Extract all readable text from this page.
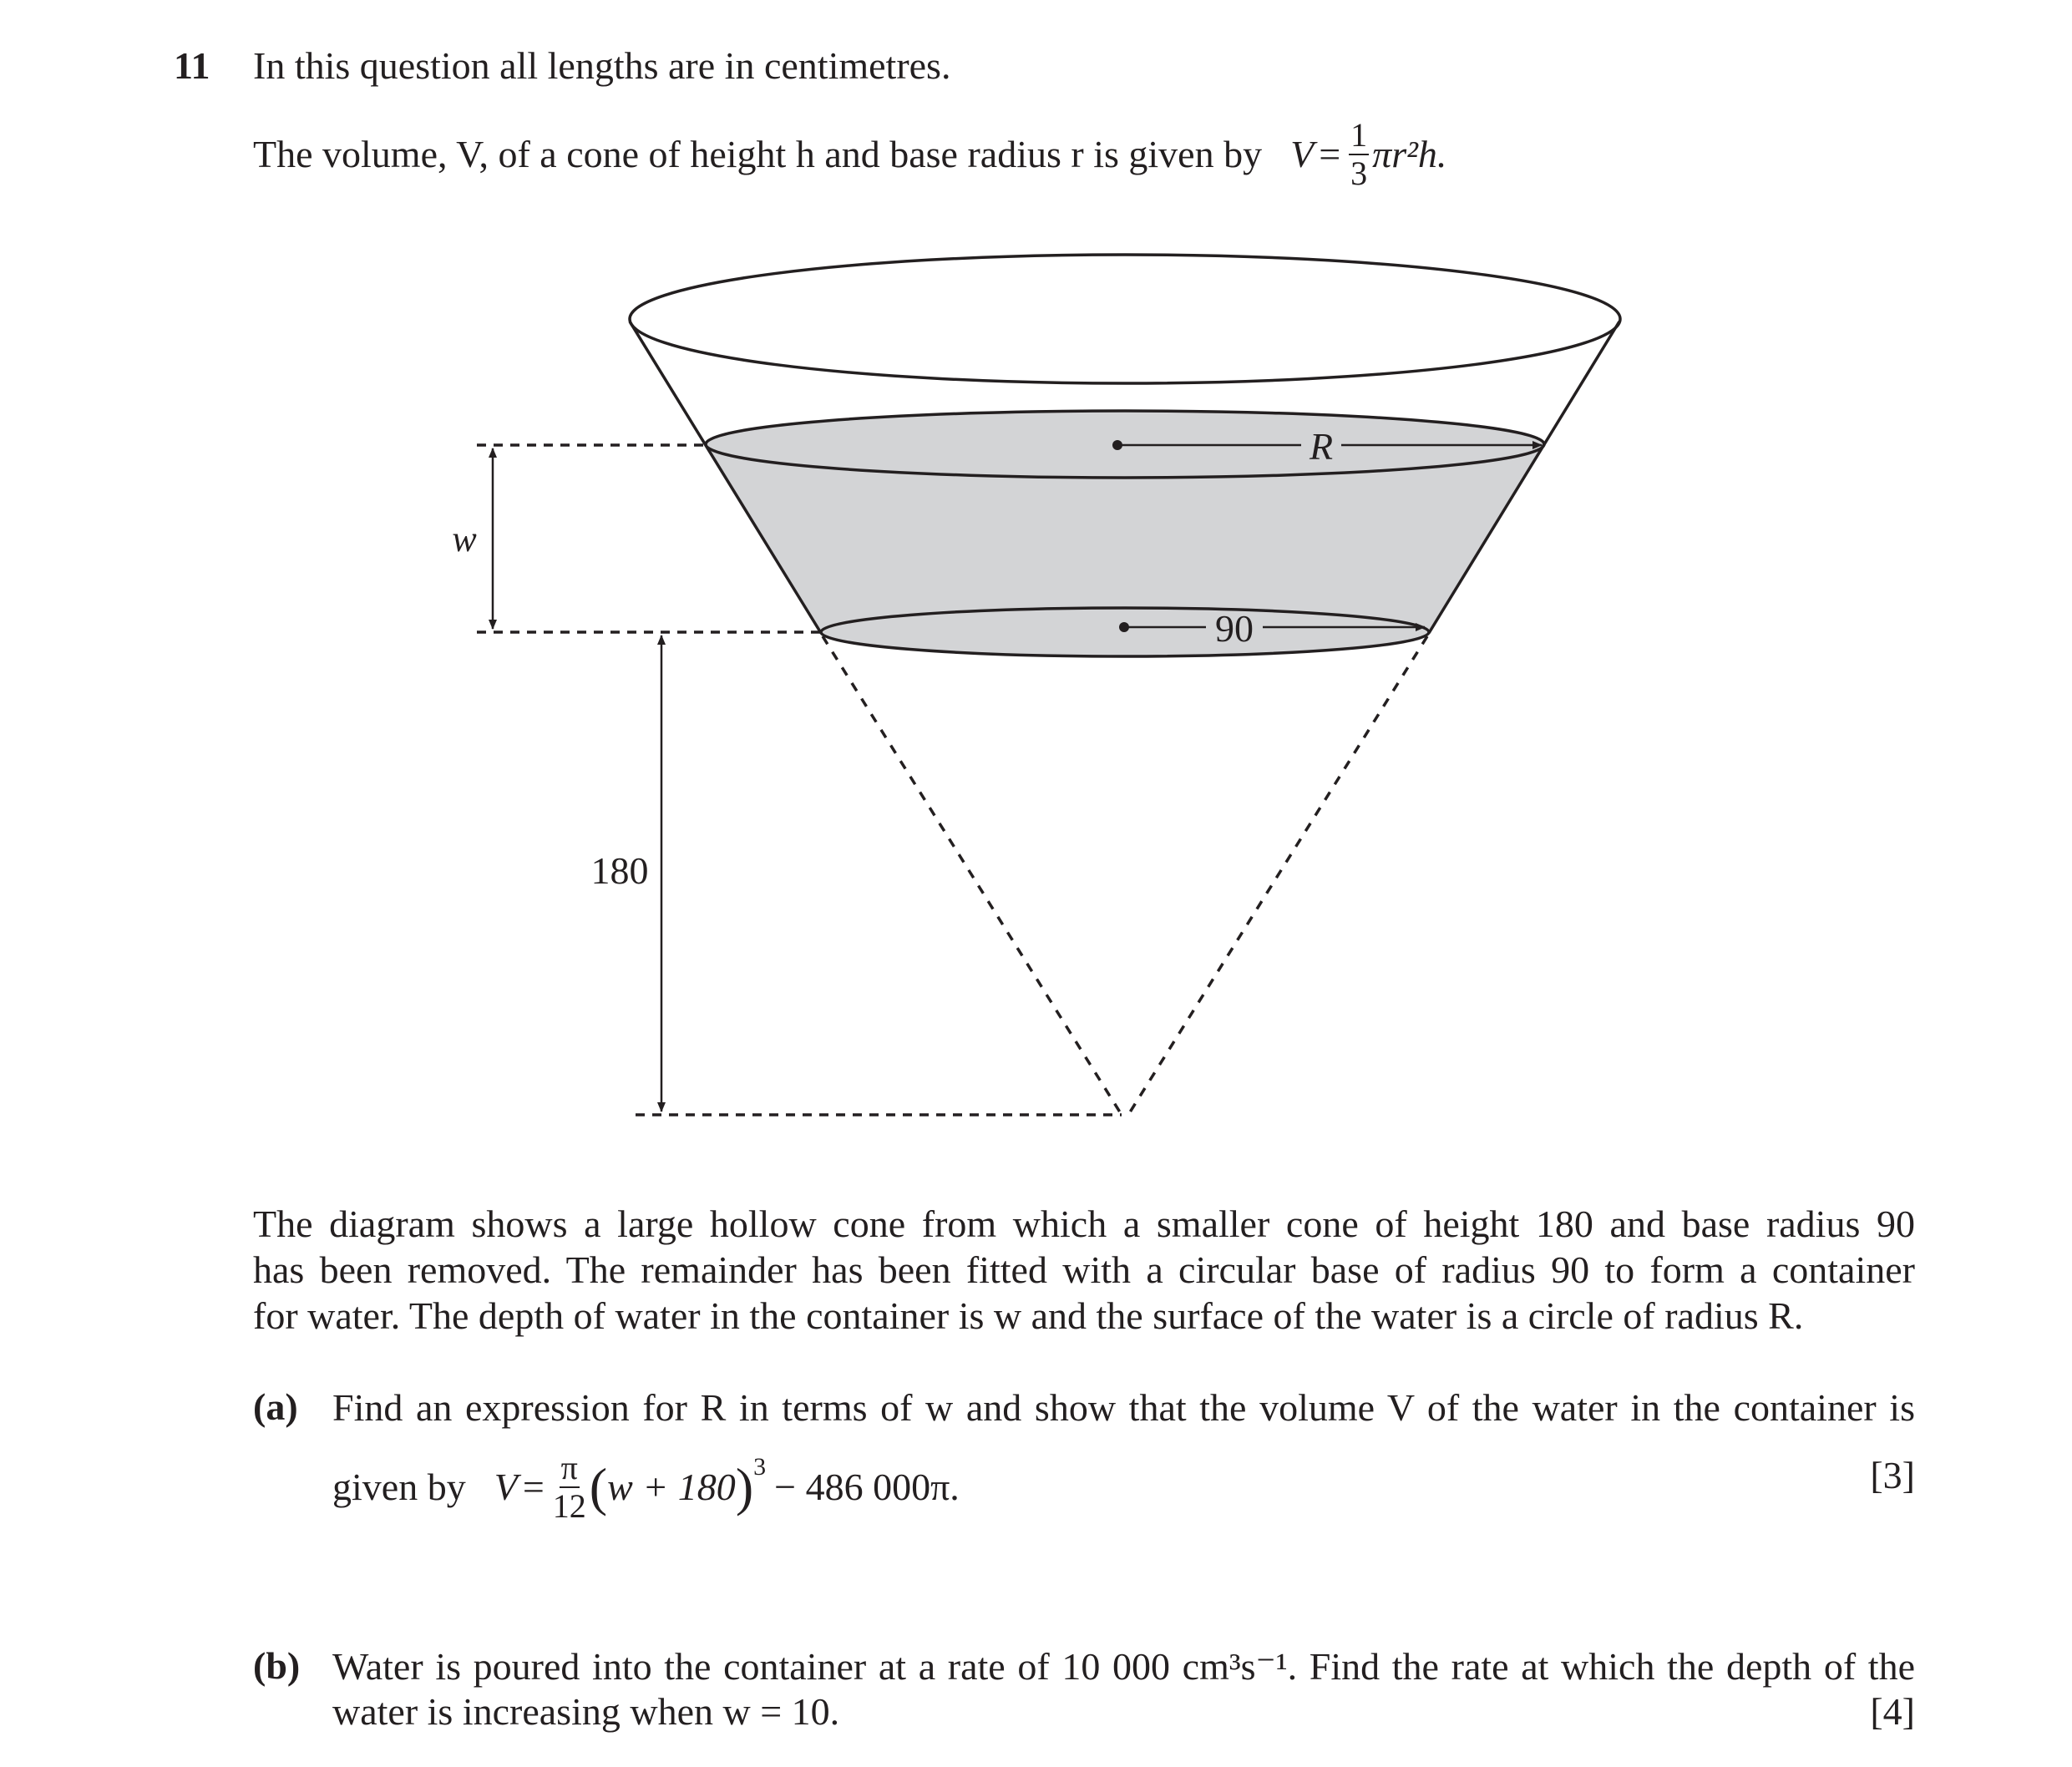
11 In this question all lengths are in centimetres.
The volume, V, of a cone of height h and base radius r is given by $V = \frac{1}{3} \pi r^2h$.
w
180
R
90
The diagram shows a large hollow cone from which a smaller cone of height 180 and base radius 90
has been removed. The remainder has been fitted with a circular base of radius 90 to form a container
for water. The depth of water in the container is w and the surface of the water is a circle of radius R.
(a) Find an expression for R in terms of w and show that the volume V of the water in the container is
given by $V = \frac{\pi}{12}$ ( w + 180 )$^3$ − 486 000π.	[3]
(b) Water is poured into the container at a rate of 10 000 cm³s⁻¹. Find the rate at which the depth of the
water is increasing when w = 10.	[4]
